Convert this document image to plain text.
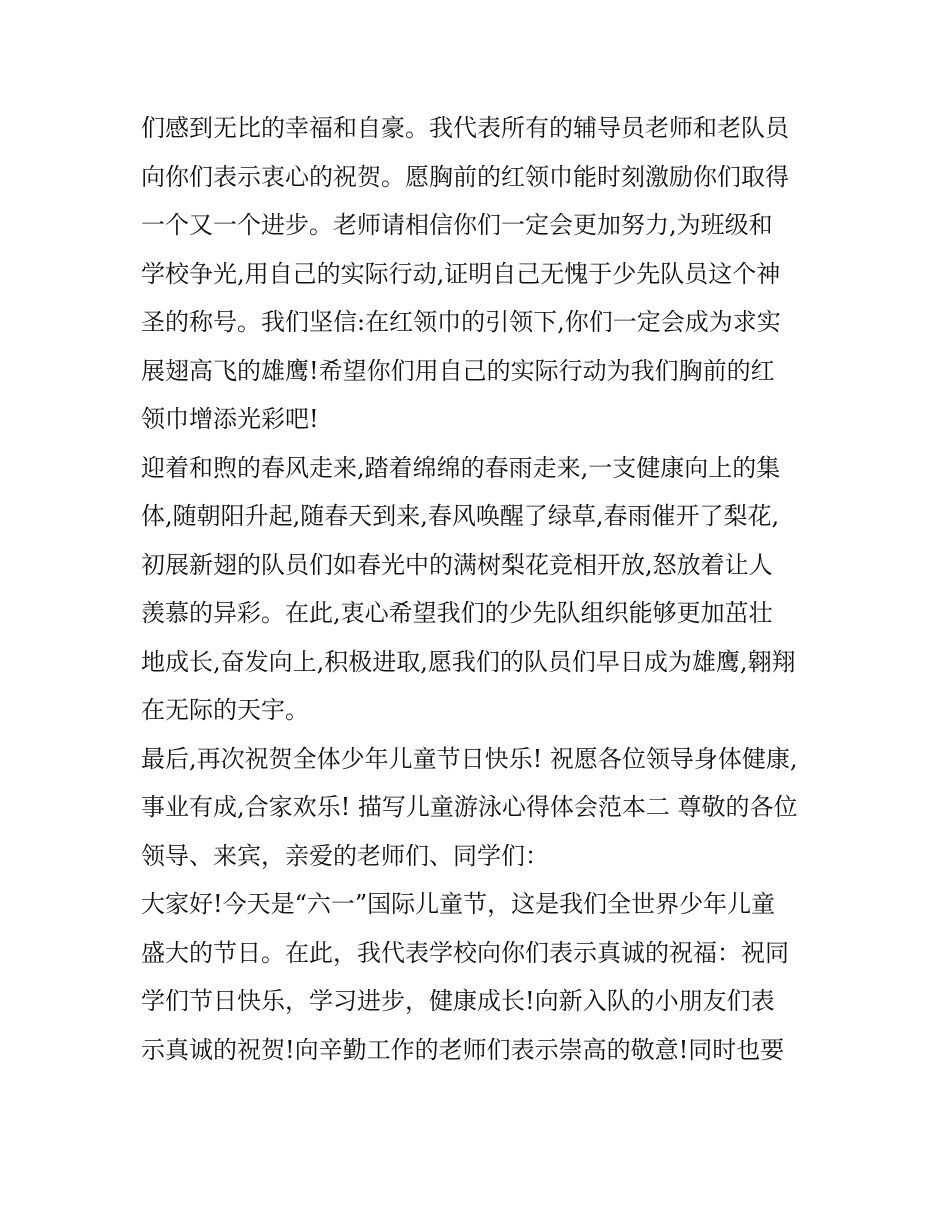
们感到无比的幸福和自豪。我代表所有的辅导员老师和老队员
向你们表示衷心的祝贺。愿胸前的红领巾能时刻激励你们取得
一个又一个进步。老师请相信你们一定会更加努力,为班级和
学校争光,用自己的实际行动,证明自己无愧于少先队员这个神
圣的称号。我们坚信:在红领巾的引领下,你们一定会成为求实
展翅高飞的雄鹰!希望你们用自己的实际行动为我们胸前的红
领巾增添光彩吧!
迎着和煦的春风走来,踏着绵绵的春雨走来,一支健康向上的集
体,随朝阳升起,随春天到来,春风唤醒了绿草,春雨催开了梨花,
初展新翅的队员们如春光中的满树梨花竞相开放,怒放着让人
羡慕的异彩。在此,衷心希望我们的少先队组织能够更加茁壮
地成长,奋发向上,积极进取,愿我们的队员们早日成为雄鹰,翱翔
在无际的天宇。
最后,再次祝贺全体少年儿童节日快乐! 祝愿各位领导身体健康,
事业有成,合家欢乐! 描写儿童游泳心得体会范本二 尊敬的各位
领导、来宾，亲爱的老师们、同学们：
大家好!今天是“六一”国际儿童节，这是我们全世界少年儿童
盛大的节日。在此，我代表学校向你们表示真诚的祝福：祝同
学们节日快乐，学习进步，健康成长!向新入队的小朋友们表
示真诚的祝贺!向辛勤工作的老师们表示崇高的敬意!同时也要
